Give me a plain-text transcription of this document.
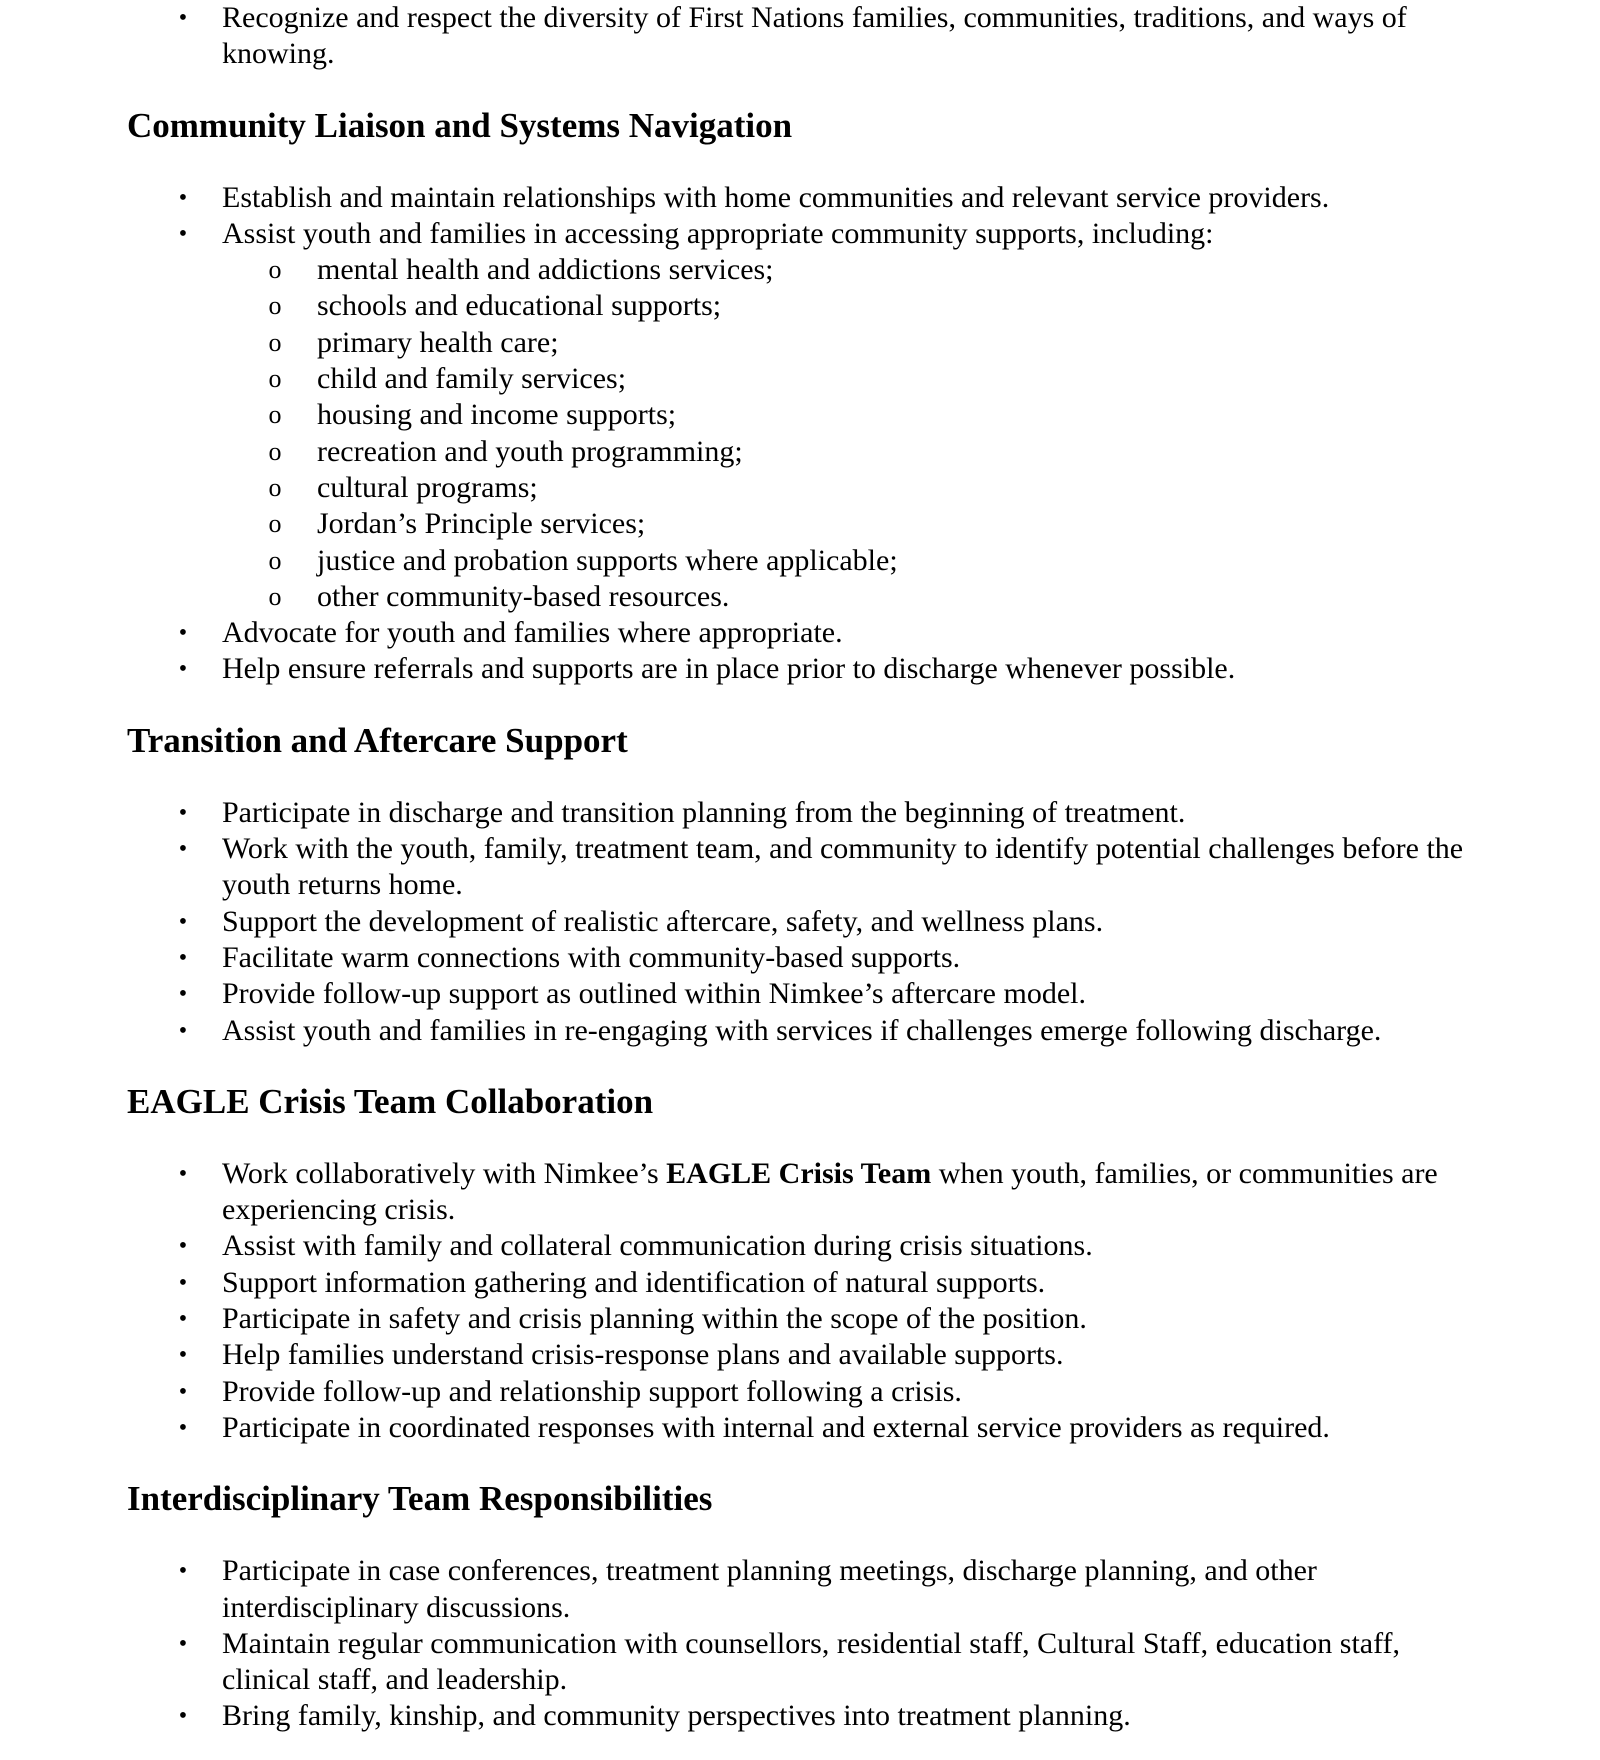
• Recognize and respect the diversity of First Nations families, communities, traditions, and ways of knowing.
Community Liaison and Systems Navigation
• Establish and maintain relationships with home communities and relevant service providers.
• Assist youth and families in accessing appropriate community supports, including:
o mental health and addictions services;
o schools and educational supports;
o primary health care;
o child and family services;
o housing and income supports;
o recreation and youth programming;
o cultural programs;
o Jordan’s Principle services;
o justice and probation supports where applicable;
o other community-based resources.
• Advocate for youth and families where appropriate.
• Help ensure referrals and supports are in place prior to discharge whenever possible.
Transition and Aftercare Support
• Participate in discharge and transition planning from the beginning of treatment.
• Work with the youth, family, treatment team, and community to identify potential challenges before the youth returns home.
• Support the development of realistic aftercare, safety, and wellness plans.
• Facilitate warm connections with community-based supports.
• Provide follow-up support as outlined within Nimkee’s aftercare model.
• Assist youth and families in re-engaging with services if challenges emerge following discharge.
EAGLE Crisis Team Collaboration
• Work collaboratively with Nimkee’s EAGLE Crisis Team when youth, families, or communities are experiencing crisis.
• Assist with family and collateral communication during crisis situations.
• Support information gathering and identification of natural supports.
• Participate in safety and crisis planning within the scope of the position.
• Help families understand crisis-response plans and available supports.
• Provide follow-up and relationship support following a crisis.
• Participate in coordinated responses with internal and external service providers as required.
Interdisciplinary Team Responsibilities
• Participate in case conferences, treatment planning meetings, discharge planning, and other interdisciplinary discussions.
• Maintain regular communication with counsellors, residential staff, Cultural Staff, education staff, clinical staff, and leadership.
• Bring family, kinship, and community perspectives into treatment planning.
